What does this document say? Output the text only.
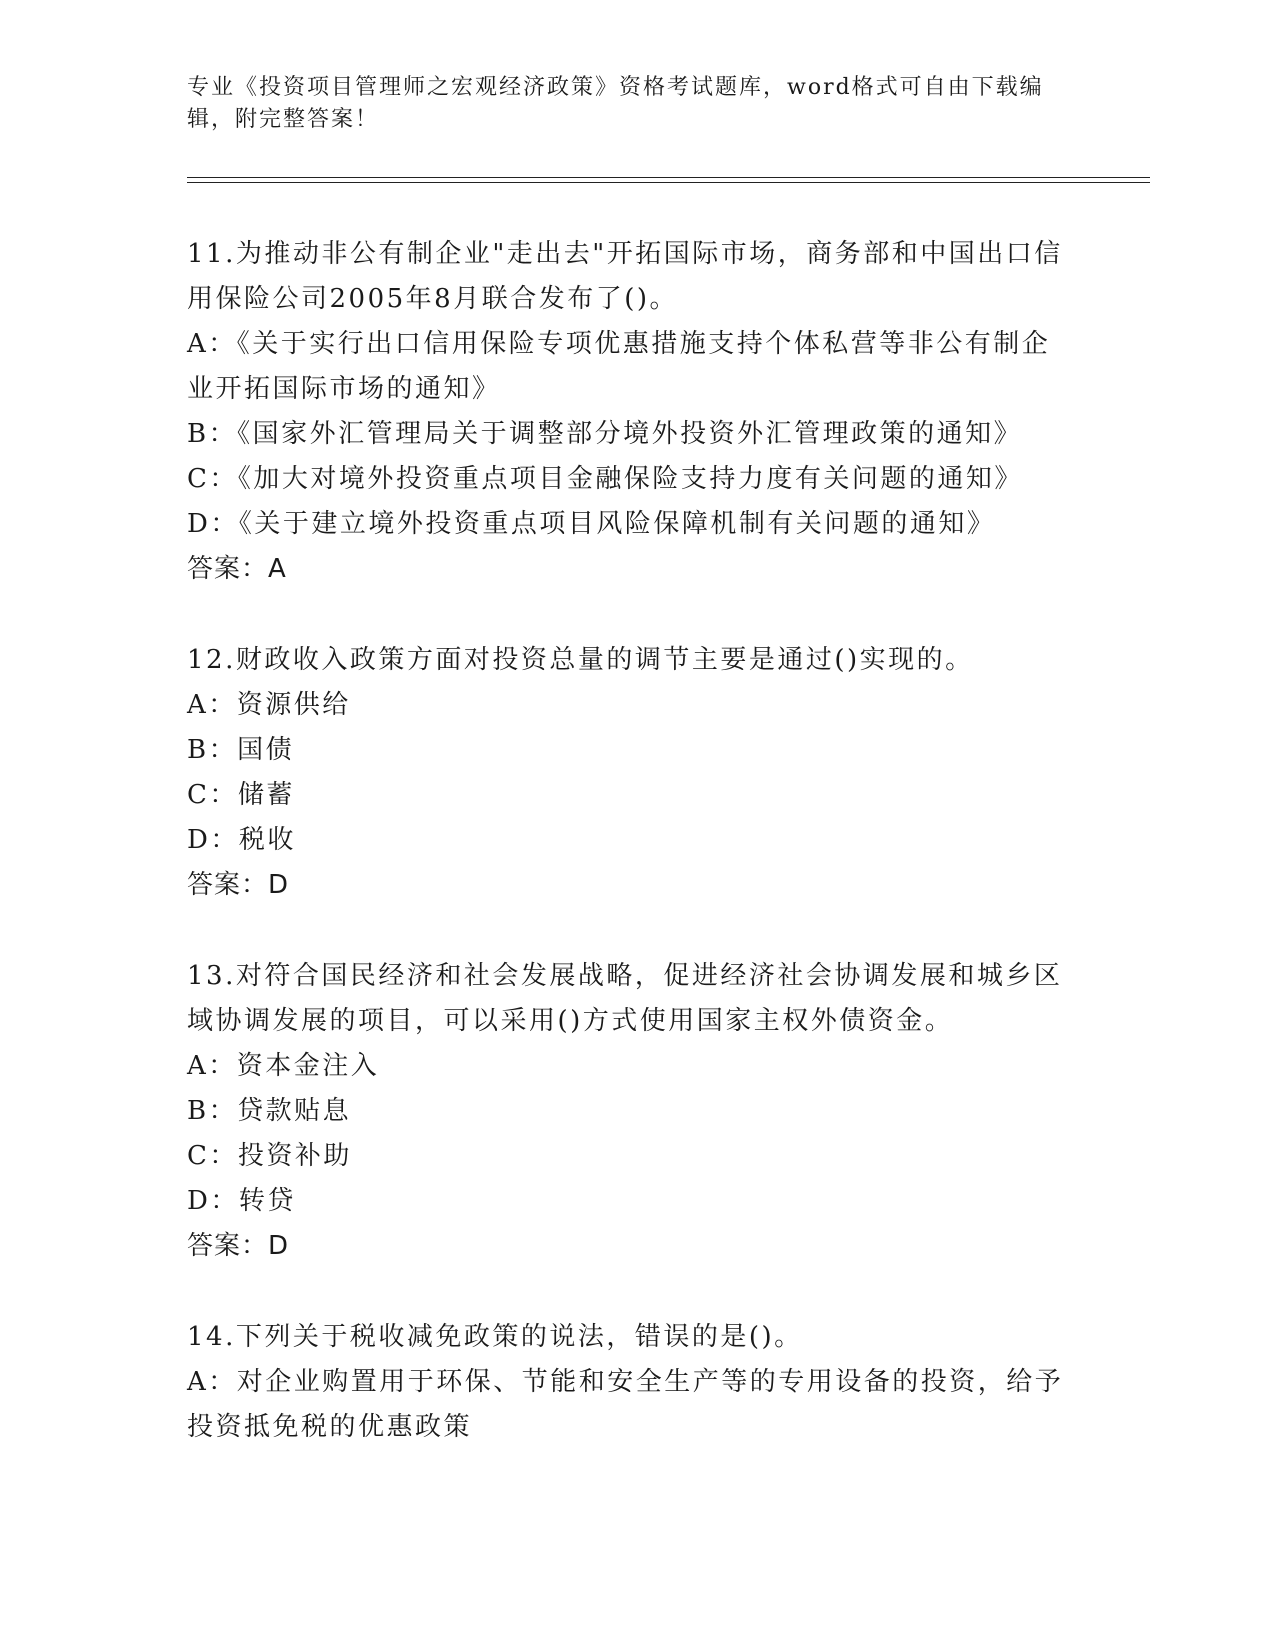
专业《投资项目管理师之宏观经济政策》资格考试题库，word格式可自由下载编辑，附完整答案！

11.为推动非公有制企业"走出去"开拓国际市场，商务部和中国出口信用保险公司2005年8月联合发布了()。

A：《关于实行出口信用保险专项优惠措施支持个体私营等非公有制企业开拓国际市场的通知》

B：《国家外汇管理局关于调整部分境外投资外汇管理政策的通知》

C：《加大对境外投资重点项目金融保险支持力度有关问题的通知》

D：《关于建立境外投资重点项目风险保障机制有关问题的通知》

答案：A

12.财政收入政策方面对投资总量的调节主要是通过()实现的。

A：资源供给

B：国债

C：储蓄

D：税收

答案：D

13.对符合国民经济和社会发展战略，促进经济社会协调发展和城乡区域协调发展的项目，可以采用()方式使用国家主权外债资金。

A：资本金注入

B：贷款贴息

C：投资补助

D：转贷

答案：D

14.下列关于税收减免政策的说法，错误的是()。

A：对企业购置用于环保、节能和安全生产等的专用设备的投资，给予投资抵免税的优惠政策
